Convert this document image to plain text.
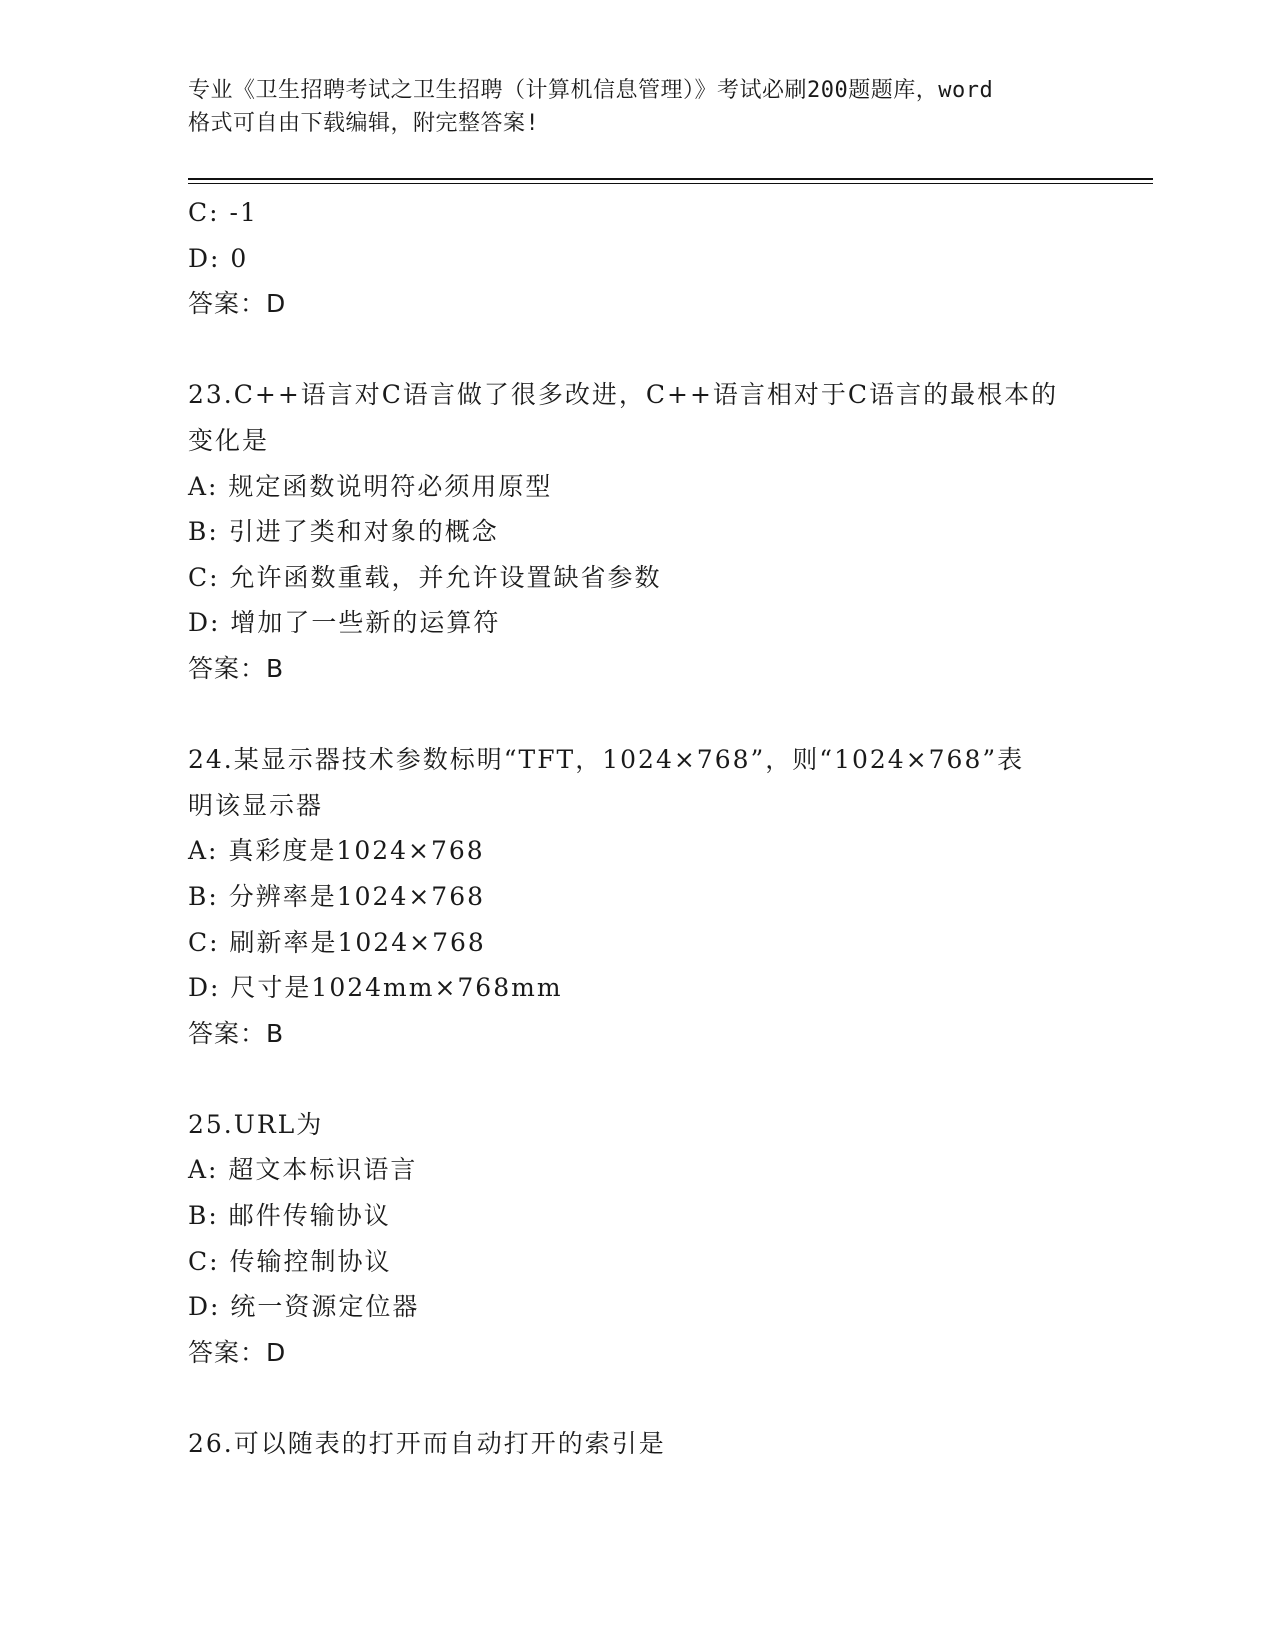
专业《卫生招聘考试之卫生招聘（计算机信息管理）》考试必刷200题题库，word
格式可自由下载编辑，附完整答案!
C: -1
D: 0
答案：D
23.C++语言对C语言做了很多改进，C++语言相对于C语言的最根本的
变化是
A: 规定函数说明符必须用原型
B: 引进了类和对象的概念
C: 允许函数重载，并允许设置缺省参数
D: 增加了一些新的运算符
答案：B
24.某显示器技术参数标明“TFT，1024×768”，则“1024×768”表
明该显示器
A: 真彩度是1024×768
B: 分辨率是1024×768
C: 刷新率是1024×768
D: 尺寸是1024mm×768mm
答案：B
25.URL为
A: 超文本标识语言
B: 邮件传输协议
C: 传输控制协议
D: 统一资源定位器
答案：D
26.可以随表的打开而自动打开的索引是
